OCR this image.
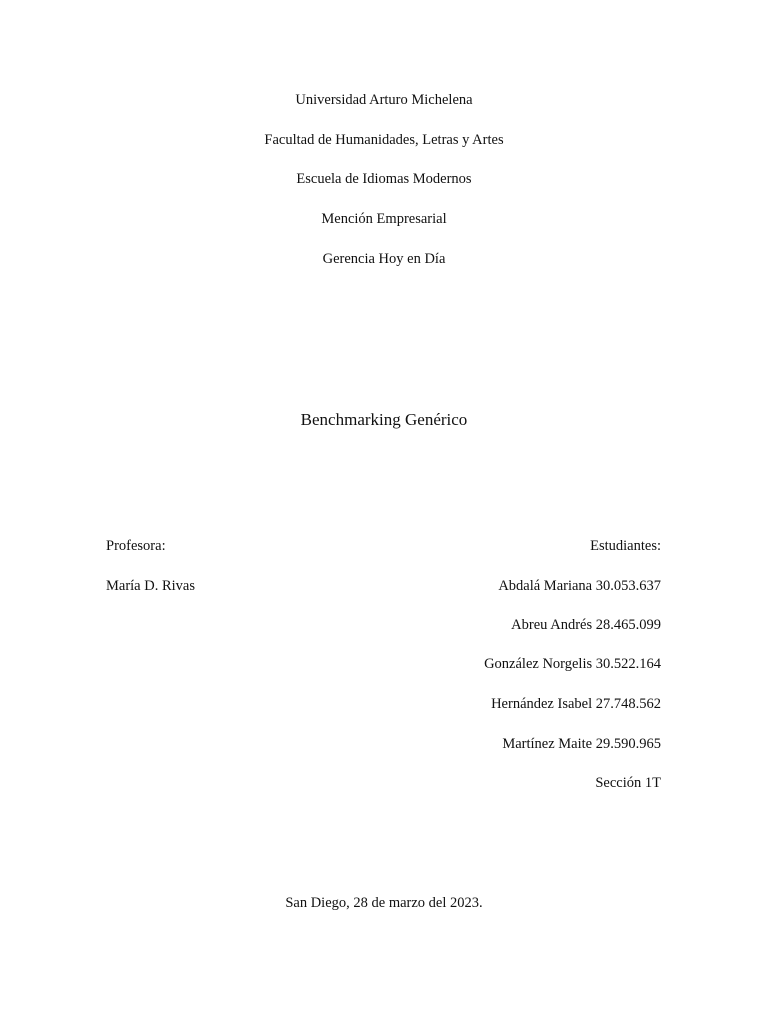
Universidad Arturo Michelena
Facultad de Humanidades, Letras y Artes
Escuela de Idiomas Modernos
Mención Empresarial
Gerencia Hoy en Día
Benchmarking Genérico
Profesora:
María D. Rivas
Estudiantes:
Abdalá Mariana 30.053.637
Abreu Andrés 28.465.099
González Norgelis 30.522.164
Hernández Isabel 27.748.562
Martínez Maite 29.590.965
Sección 1T
San Diego, 28 de marzo del 2023.
